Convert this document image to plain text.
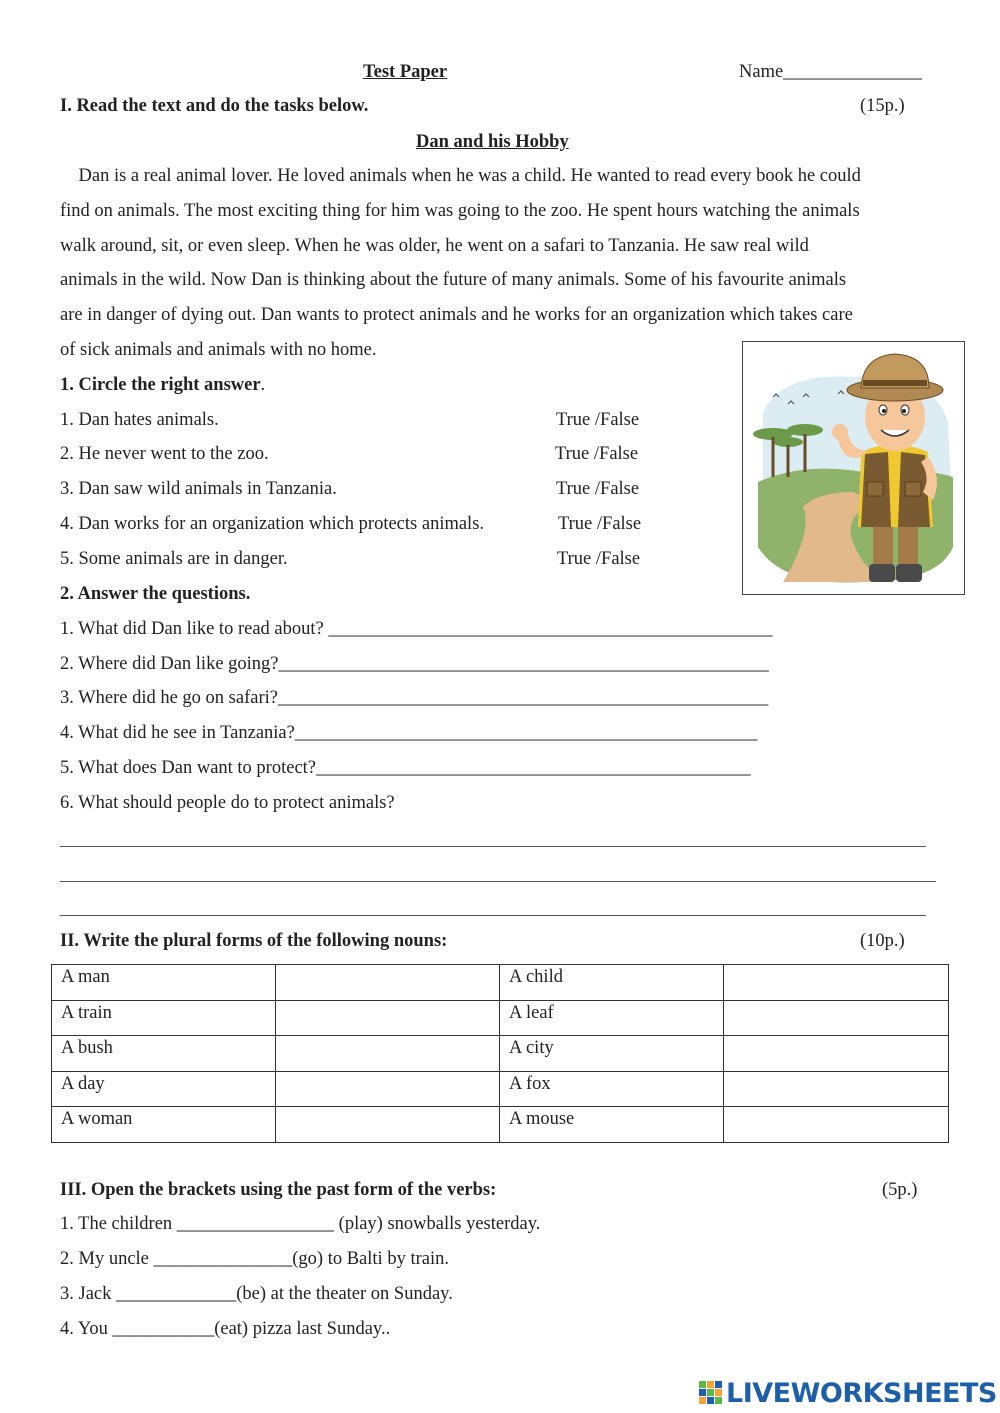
Test Paper	Name_______________
I. Read the text and do the tasks below.	(15p.)
Dan and his Hobby
Dan is a real animal lover. He loved animals when he was a child. He wanted to read every book he could
find on animals. The most exciting thing for him was going to the zoo. He spent hours watching the animals
walk around, sit, or even sleep. When he was older, he went on a safari to Tanzania. He saw real wild
animals in the wild. Now Dan is thinking about the future of many animals. Some of his favourite animals
are in danger of dying out. Dan wants to protect animals and he works for an organization which takes care
of sick animals and animals with no home.
1. Circle the right answer.
1. Dan hates animals.	True /False
2. He never went to the zoo.	True /False
3. Dan saw wild animals in Tanzania.	True /False
4. Dan works for an organization which protects animals.	True /False
5. Some animals are in danger.	True /False
2. Answer the questions.
1. What did Dan like to read about? ________________________________________________
2. Where did Dan like going?_____________________________________________________
3. Where did he go on safari?_____________________________________________________
4. What did he see in Tanzania?__________________________________________________
5. What does Dan want to protect?_______________________________________________
6. What should people do to protect animals?
II. Write the plural forms of the following nouns:	(10p.)
A man		A child	
A train		A leaf	
A bush		A city	
A day		A fox	
A woman		A mouse	
III. Open the brackets using the past form of the verbs:	(5p.)
1. The children _________________ (play) snowballs yesterday.
2. My uncle _______________(go) to Balti by train.
3. Jack _____________(be) at the theater on Sunday.
4. You ___________(eat) pizza last Sunday..
LIVEWORKSHEETS
